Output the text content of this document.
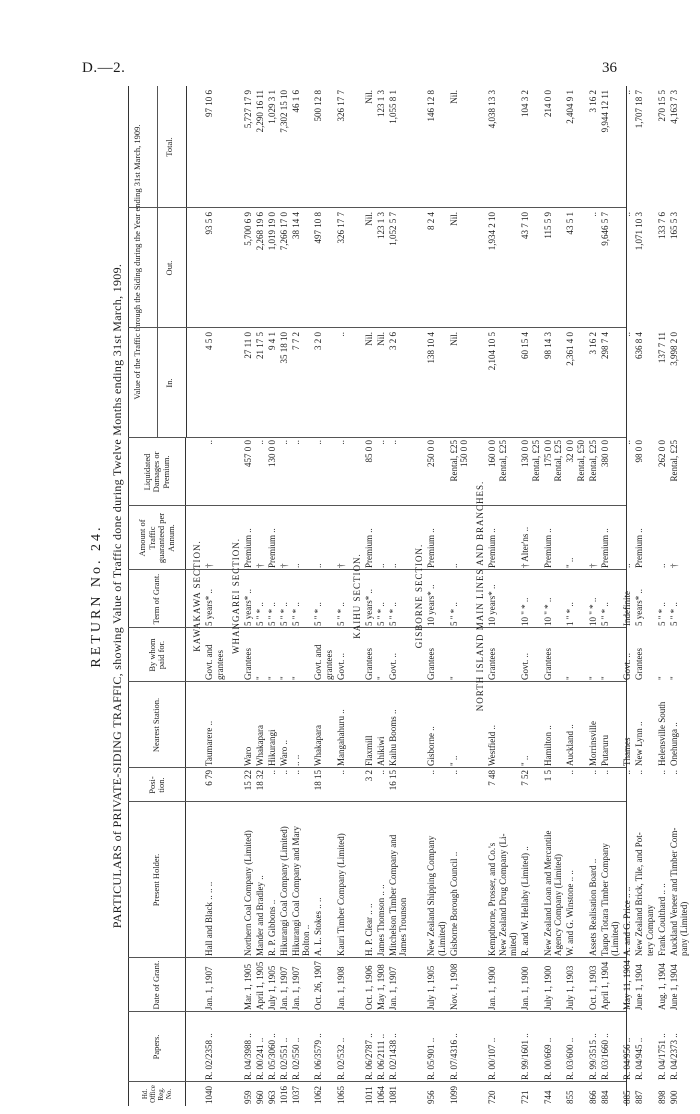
D.—2.	36
RETURN No. 24. PARTICULARS of PRIVATE-SIDING TRAFFIC, showing Value of Traffic done during Twelve Months ending 31st March, 1909.
Hd. Office Reg. No.
Papers.
Date of Grant.
Present Holder.
Posi-tion.
Nearest Station.
By whom paid for.
Term of Grant.
Amount of Traffic guaranteed per Annum.
Liquidated Damages or Premium.
Value of the Traffic through the Siding during the Year ending 31st March, 1909.	In.
Out.
Total.
KAWAKAWA SECTION.
1040
R. 02/2358 ..
Jan. 1, 1907
Hall and Black .. .. ..
6 79
Taumarere ..
Govt. and
grantees
5 years* ..
†
..
4 5 0
93 5 6
97 10 6
WHANGAREI SECTION.
959
R. 04/3988 ..
Mar. 1, 1905
Northern Coal Company (Limited)
15 22
Waro
Grantees
5 years* ..
Premium ..
457 0 0
27 11 0
5,700 6 9
5,727 17 9
960
R. 00/241 ..
April 1, 1905
Mander and Bradley ..
18 32
Whakapara
"
5 " * ..
†
..
21 17 5
2,268 19 6
2,290 16 11
963
R. 05/3060 ..
July 1, 1905
R. P. Gibbons ..
..
Hikurangi
"
5 " * ..
Premium ..
130 0 0
9 4 1
1,019 19 0
1,029 3 1
1016
R. 02/551 ..
Jan. 1, 1907
Hikurangi Coal Company (Limited)
..
Waro ..
"
5 " * ..
†
..
35 18 10
7,266 17 0
7,302 15 10
1037
R. 02/550 ..
Jan. 1, 1907
Hikurangi Coal Company and Mary
Bolton ..
..
.. ..
"
5 " * ..
..
..
7 7 2
38 14 4
46 1 6
1062
R. 06/3579 ..
Oct. 26, 1907
A. L. Stokes .. ..
18 15
Whakapara
Govt. and
grantees
5 " * ..
..
..
3 2 0
497 10 8
500 12 8
1065
R. 02/532 ..
Jan. 1, 1908
Kauri Timber Company (Limited)
..
Mangahahuru ..
Govt. ..
5 " * ..
†
..
..
326 17 7
326 17 7
KAIHU SECTION.
1011
R. 06/2787 ..
Oct. 1, 1906
H. P. Clear .. ..
3 2
Flaxmill
Grantees
5 years* ..
Premium ..
85 0 0
Nil.
Nil.
Nil.
1064
R. 06/2111 ..
May 1, 1908
James Thomson .. ..
..
Ahikiwi
"
5 " * ..
..
..
Nil.
123 1 3
123 1 3
1081
R. 02/1438 ..
Jan. 1, 1907
Mitchelson Timber Company and
James Trounson
16 15
Kaihu Booms ..
Govt. ..
5 " * ..
..
..
3 2 6
1,052 5 7
1,055 8 1
GISBORNE SECTION.
956
R. 05/901 ..
July 1, 1905
New Zealand Shipping Company
(Limited)
..
Gisborne ..
Grantees
10 years* ..
Premium ..
250 0 0
138 10 4
8 2 4
146 12 8
1099
R. 07/4316 ..
Nov. 1, 1908
Gisborne Borough Council ..
..
" ..
"
5 " * ..
..
Rental, £25
150 0 0
Nil.
Nil.
Nil.
NORTH ISLAND MAIN LINES AND BRANCHES.
720
R. 00/107 ..
Jan. 1, 1900
Kempthorne, Prosser, and Co.'s
New Zealand Drug Company (Li-
mited)
7 48
Westfield ..
Grantees
10 years* ..
Premium ..
160 0 0
Rental, £25
2,104 10 5
1,934 2 10
4,038 13 3
721
R. 99/1601 ..
Jan. 1, 1900
R. and W. Hellaby (Limited) ..
7 52
" ..
Govt. ..
10 " * ..
† Alter'ns ..
130 0 0
Rental, £25
60 15 4
43 7 10
104 3 2
744
R. 00/669 ..
July 1, 1900
New Zealand Loan and Mercantile
Agency Company (Limited)
1 5
Hamilton ..
Grantees
10 " * ..
Premium ..
175 0 0
Rental, £25
98 14 3
115 5 9
214 0 0
855
R. 03/600 ..
July 1, 1903
W. and G. Winstone .. ..
..
Auckland ..
"
1 " * ..
" ..
32 0 0
Rental, £50
2,361 4 0
43 5 1
2,404 9 1
866
R. 99/3515 ..
Oct. 1, 1903
Assets Realisation Board ..
..
Morrinsville
"
10 " * ..
†
Rental, £25
3 16 2
..
3 16 2
884
R. 03/1660 ..
April 1, 1904
Taupo Totara Timber Company
(Limited)
..
Putaruru
"
5 " * ..
Premium ..
380 0 0
298 7 4
9,646 5 7
9,944 12 11
885
R. 04/956 ..
May 11, 1904
A. and G. Price .. ..
..
Thames
Govt. ..
Indefinite
..
..
..
..
..
887
R. 04/945 ..
June 1, 1904
New Zealand Brick, Tile, and Pot-
tery Company
..
New Lynn ..
Grantees
5 years* ..
Premium ..
98 0 0
636 8 4
1,071 10 3
1,707 18 7
898
R. 04/1751 ..
Aug. 1, 1904
Frank Coulthard .. ..
..
Helensville South
"
5 " * ..
..
262 0 0
137 7 11
133 7 6
270 15 5
900
R. 04/2373 ..
June 1, 1904
Auckland Veneer and Timber Com-
pany (Limited)
..
Onehunga ..
"
5 " * ..
†
Rental, £25
3,998 2 0
165 5 3
4,163 7 3
